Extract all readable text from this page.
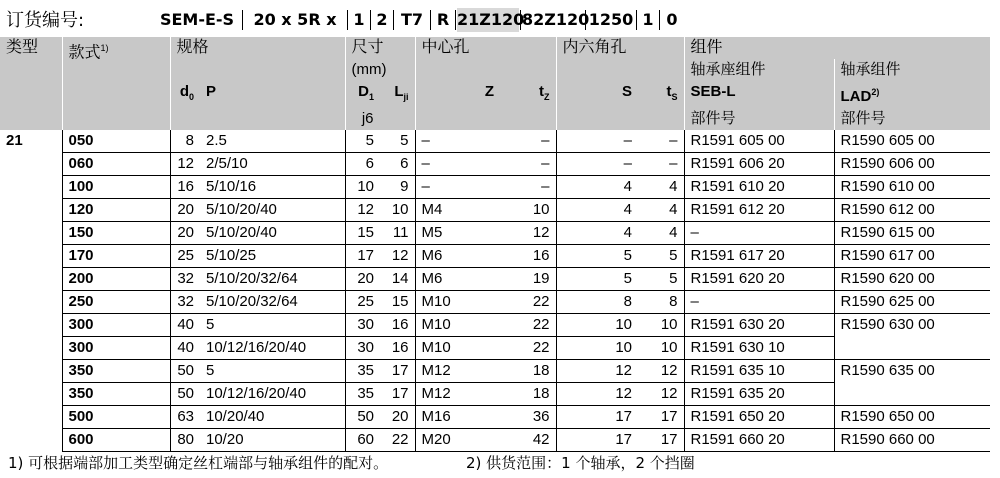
订货编号:	SEM-E-S	20 x 5R x	1 2 T7 R 21Z120
82Z120 1250 1 0
类型	款式$^{1)}$	规格		尺寸		中心孔		内六角孔		组件	
				(mm)						轴承座组件	轴承组件
		$d_0$	P	$D_1$	$L_{ji}$	Z	$t_Z$	S	$t_S$	SEB-L	LAD$^{2)}$
				j6						部件号	部件号
21	050	8	2.5	5	5	–	–	–	–	R1591 605 00	R1590 605 00
	060	12	2/5/10	6	6	–	–	–	–	R1591 606 20	R1590 606 00
	100	16	5/10/16	10	9	–	–	4	4	R1591 610 20	R1590 610 00
	120	20	5/10/20/40	12	10	M4	10	4	4	R1591 612 20	R1590 612 00
	150	20	5/10/20/40	15	11	M5	12	4	4	–	R1590 615 00
	170	25	5/10/25	17	12	M6	16	5	5	R1591 617 20	R1590 617 00
	200	32	5/10/20/32/64	20	14	M6	19	5	5	R1591 620 20	R1590 620 00
	250	32	5/10/20/32/64	25	15	M10	22	8	8	–	R1590 625 00
	300	40	5	30	16	M10	22	10	10	R1591 630 20	R1590 630 00
	300	40	10/12/16/20/40	30	16	M10	22	10	10	R1591 630 10	
	350	50	5	35	17	M12	18	12	12	R1591 635 10	R1590 635 00
	350	50	10/12/16/20/40	35	17	M12	18	12	12	R1591 635 20	
	500	63	10/20/40	50	20	M16	36	17	17	R1591 650 20	R1590 650 00
	600	80	10/20	60	22	M20	42	17	17	R1591 660 20	R1590 660 00
1) 可根据端部加工类型确定丝杠端部与轴承组件的配对。	2) 供货范围：1 个轴承，2 个挡圈
